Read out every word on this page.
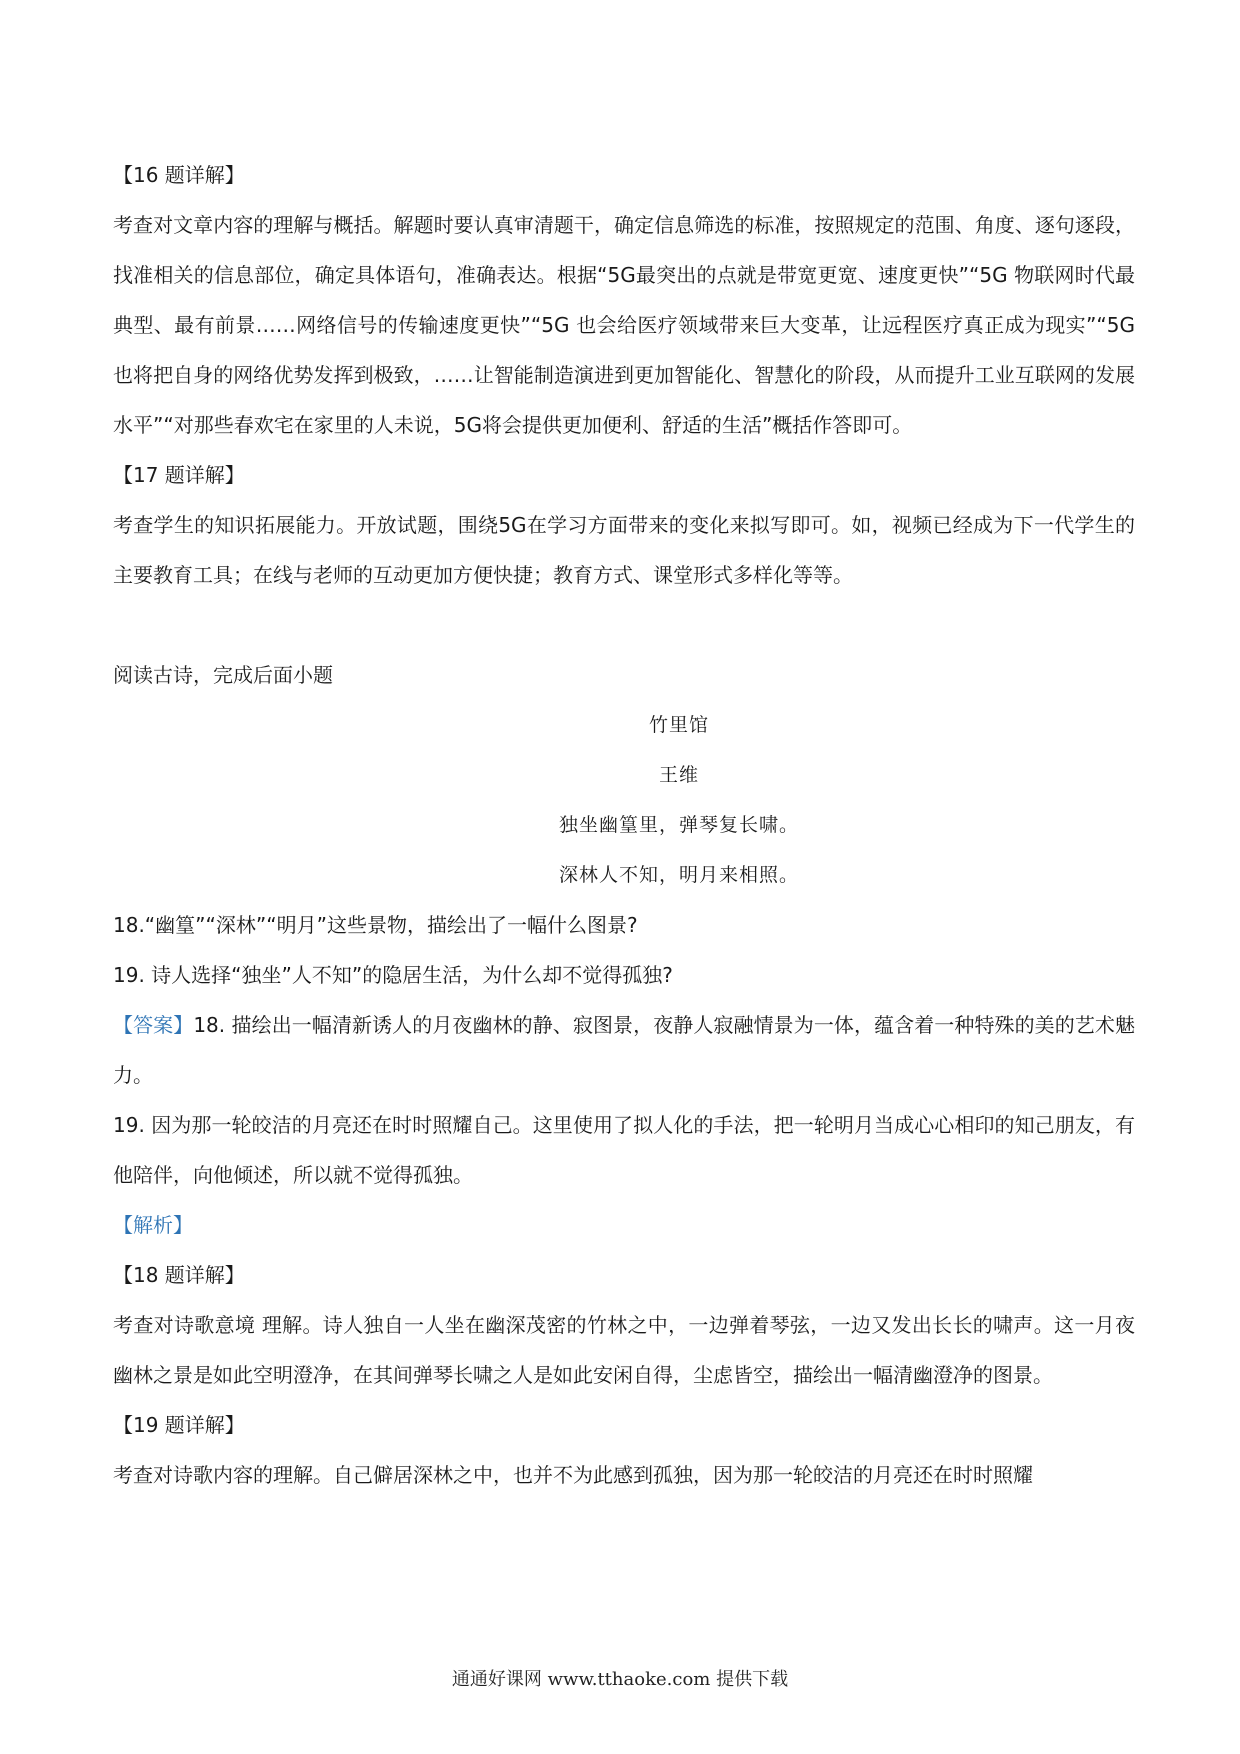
【16 题详解】

考查对文章内容的理解与概括。解题时要认真审清题干，确定信息筛选的标准，按照规定的范围、角度、逐句逐段，找准相关的信息部位，确定具体语句，准确表达。根据“5G最突出的点就是带宽更宽、速度更快”“5G 物联网时代最典型、最有前景……网络信号的传输速度更快”“5G 也会给医疗领域带来巨大变革，让远程医疗真正成为现实”“5G也将把自身的网络优势发挥到极致，……让智能制造演进到更加智能化、智慧化的阶段，从而提升工业互联网的发展水平”“对那些春欢宅在家里的人未说，5G将会提供更加便利、舒适的生活”概括作答即可。

【17 题详解】

考查学生的知识拓展能力。开放试题，围绕5G在学习方面带来的变化来拟写即可。如，视频已经成为下一代学生的主要教育工具；在线与老师的互动更加方便快捷；教育方式、课堂形式多样化等等。

阅读古诗，完成后面小题

竹里馆

王维

独坐幽篁里，弹琴复长啸。

深林人不知，明月来相照。

18.“幽篁”“深林”“明月”这些景物，描绘出了一幅什么图景?

19. 诗人选择“独坐”人不知”的隐居生活，为什么却不觉得孤独?

【答案】18. 描绘出一幅清新诱人的月夜幽林的静、寂图景，夜静人寂融情景为一体，蕴含着一种特殊的美的艺术魅力。

19. 因为那一轮皎洁的月亮还在时时照耀自己。这里使用了拟人化的手法，把一轮明月当成心心相印的知己朋友，有他陪伴，向他倾述，所以就不觉得孤独。

【解析】

【18 题详解】

考查对诗歌意境 理解。诗人独自一人坐在幽深茂密的竹林之中，一边弹着琴弦，一边又发出长长的啸声。这一月夜幽林之景是如此空明澄净，在其间弹琴长啸之人是如此安闲自得，尘虑皆空，描绘出一幅清幽澄净的图景。

【19 题详解】

考查对诗歌内容的理解。自己僻居深林之中，也并不为此感到孤独，因为那一轮皎洁的月亮还在时时照耀

通通好课网 www.tthaoke.com 提供下载
